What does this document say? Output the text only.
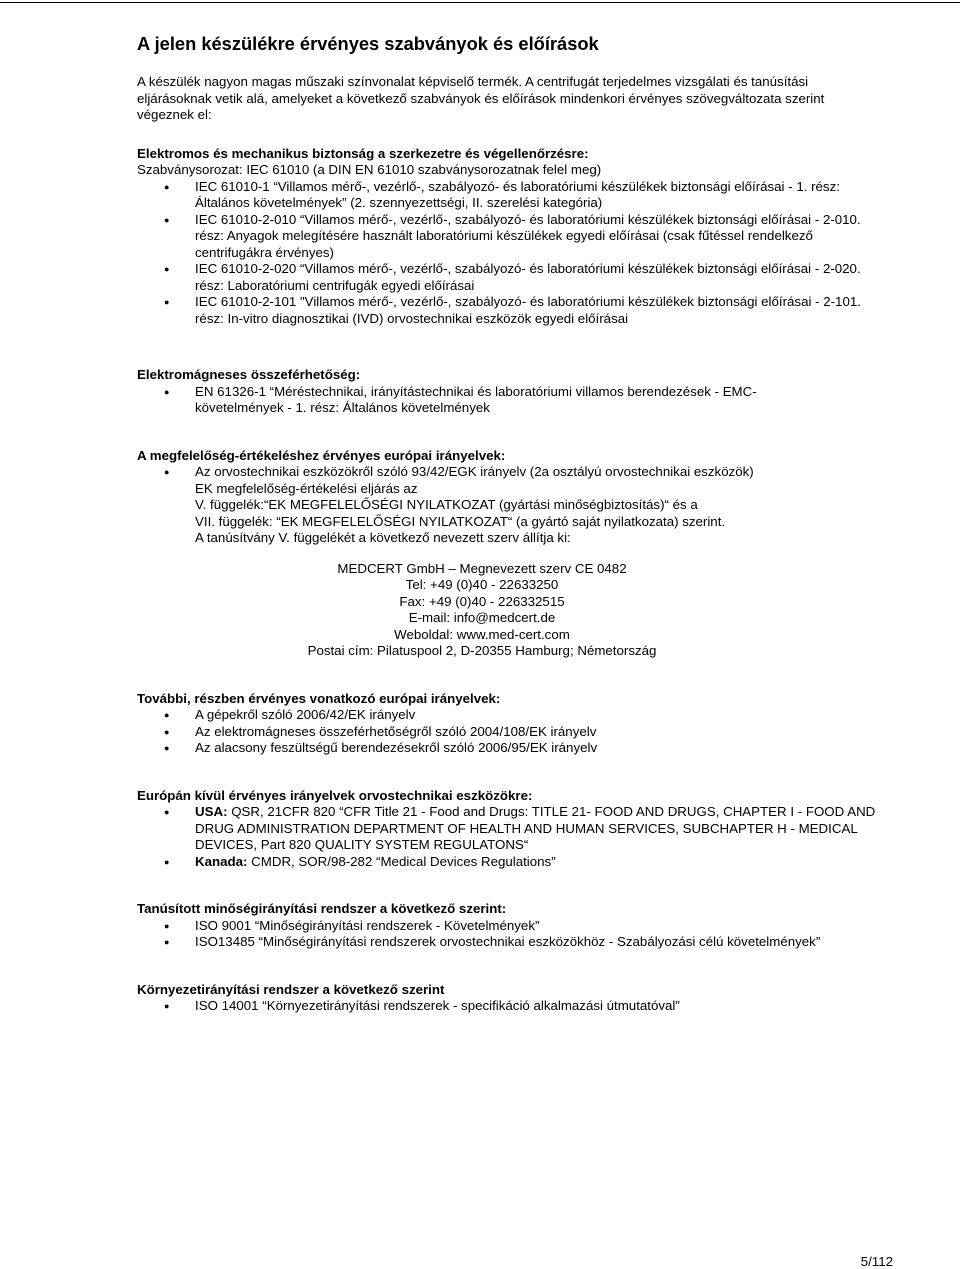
A jelen készülékre érvényes szabványok és előírások

A készülék nagyon magas műszaki színvonalat képviselő termék. A centrifugát terjedelmes vizsgálati és tanúsítási eljárásoknak vetik alá, amelyeket a következő szabványok és előírások mindenkori érvényes szövegváltozata szerint végeznek el:

Elektromos és mechanikus biztonság a szerkezetre és végellenőrzésre:

Szabványsorozat: IEC 61010 (a DIN EN 61010 szabványsorozatnak felel meg)

● IEC 61010-1 “Villamos mérő-, vezérlő-, szabályozó- és laboratóriumi készülékek biztonsági előírásai - 1. rész: Általános követelmények” (2. szennyezettségi, II. szerelési kategória)
● IEC 61010-2-010 “Villamos mérő-, vezérlő-, szabályozó- és laboratóriumi készülékek biztonsági előírásai - 2-010. rész: Anyagok melegítésére használt laboratóriumi készülékek egyedi előírásai (csak fűtéssel rendelkező centrifugákra érvényes)
● IEC 61010-2-020 “Villamos mérő-, vezérlő-, szabályozó- és laboratóriumi készülékek biztonsági előírásai - 2-020. rész: Laboratóriumi centrifugák egyedi előírásai
● IEC 61010-2-101 "Villamos mérő-, vezérlő-, szabályozó- és laboratóriumi készülékek biztonsági előírásai - 2-101. rész: In-vitro diagnosztikai (IVD) orvostechnikai eszközök egyedi előírásai

Elektromágneses összeférhetőség:

● EN 61326-1 “Méréstechnikai, irányítástechnikai és laboratóriumi villamos berendezések - EMC-követelmények - 1. rész: Általános követelmények

A megfelelőség-értékeléshez érvényes európai irányelvek:

● Az orvostechnikai eszközökről szóló 93/42/EGK irányelv (2a osztályú orvostechnikai eszközök)
EK megfelelőség-értékelési eljárás az
V. függelék:“EK MEGFELELŐSÉGI NYILATKOZAT (gyártási minőségbiztosítás)“ és a
VII. függelék: “EK MEGFELELŐSÉGI NYILATKOZAT“ (a gyártó saját nyilatkozata) szerint.
A tanúsítvány V. függelékét a következő nevezett szerv állítja ki:
MEDCERT GmbH – Megnevezett szerv CE 0482
Tel: +49 (0)40 - 22633250
Fax: +49 (0)40 - 226332515
E-mail: info@medcert.de
Weboldal: www.med-cert.com
Postai cím: Pilatuspool 2, D-20355 Hamburg; Németország

További, részben érvényes vonatkozó európai irányelvek:

● A gépekről szóló 2006/42/EK irányelv
● Az elektromágneses összeférhetőségről szóló 2004/108/EK irányelv
● Az alacsony feszültségű berendezésekről szóló 2006/95/EK irányelv

Európán kívül érvényes irányelvek orvostechnikai eszközökre:

● USA: QSR, 21CFR 820 “CFR Title 21 - Food and Drugs: TITLE 21- FOOD AND DRUGS, CHAPTER I - FOOD AND DRUG ADMINISTRATION DEPARTMENT OF HEALTH AND HUMAN SERVICES, SUBCHAPTER H - MEDICAL DEVICES, Part 820 QUALITY SYSTEM REGULATONS“
● Kanada: CMDR, SOR/98-282 “Medical Devices Regulations”

Tanúsított minőségirányítási rendszer a következő szerint:

● ISO 9001 “Minőségirányítási rendszerek - Követelmények”
● ISO13485 “Minőségirányítási rendszerek orvostechnikai eszközökhöz - Szabályozási célú követelmények”

Környezetirányítási rendszer a következő szerint

● ISO 14001 “Környezetirányítási rendszerek - specifikáció alkalmazási útmutatóval”
5/112
